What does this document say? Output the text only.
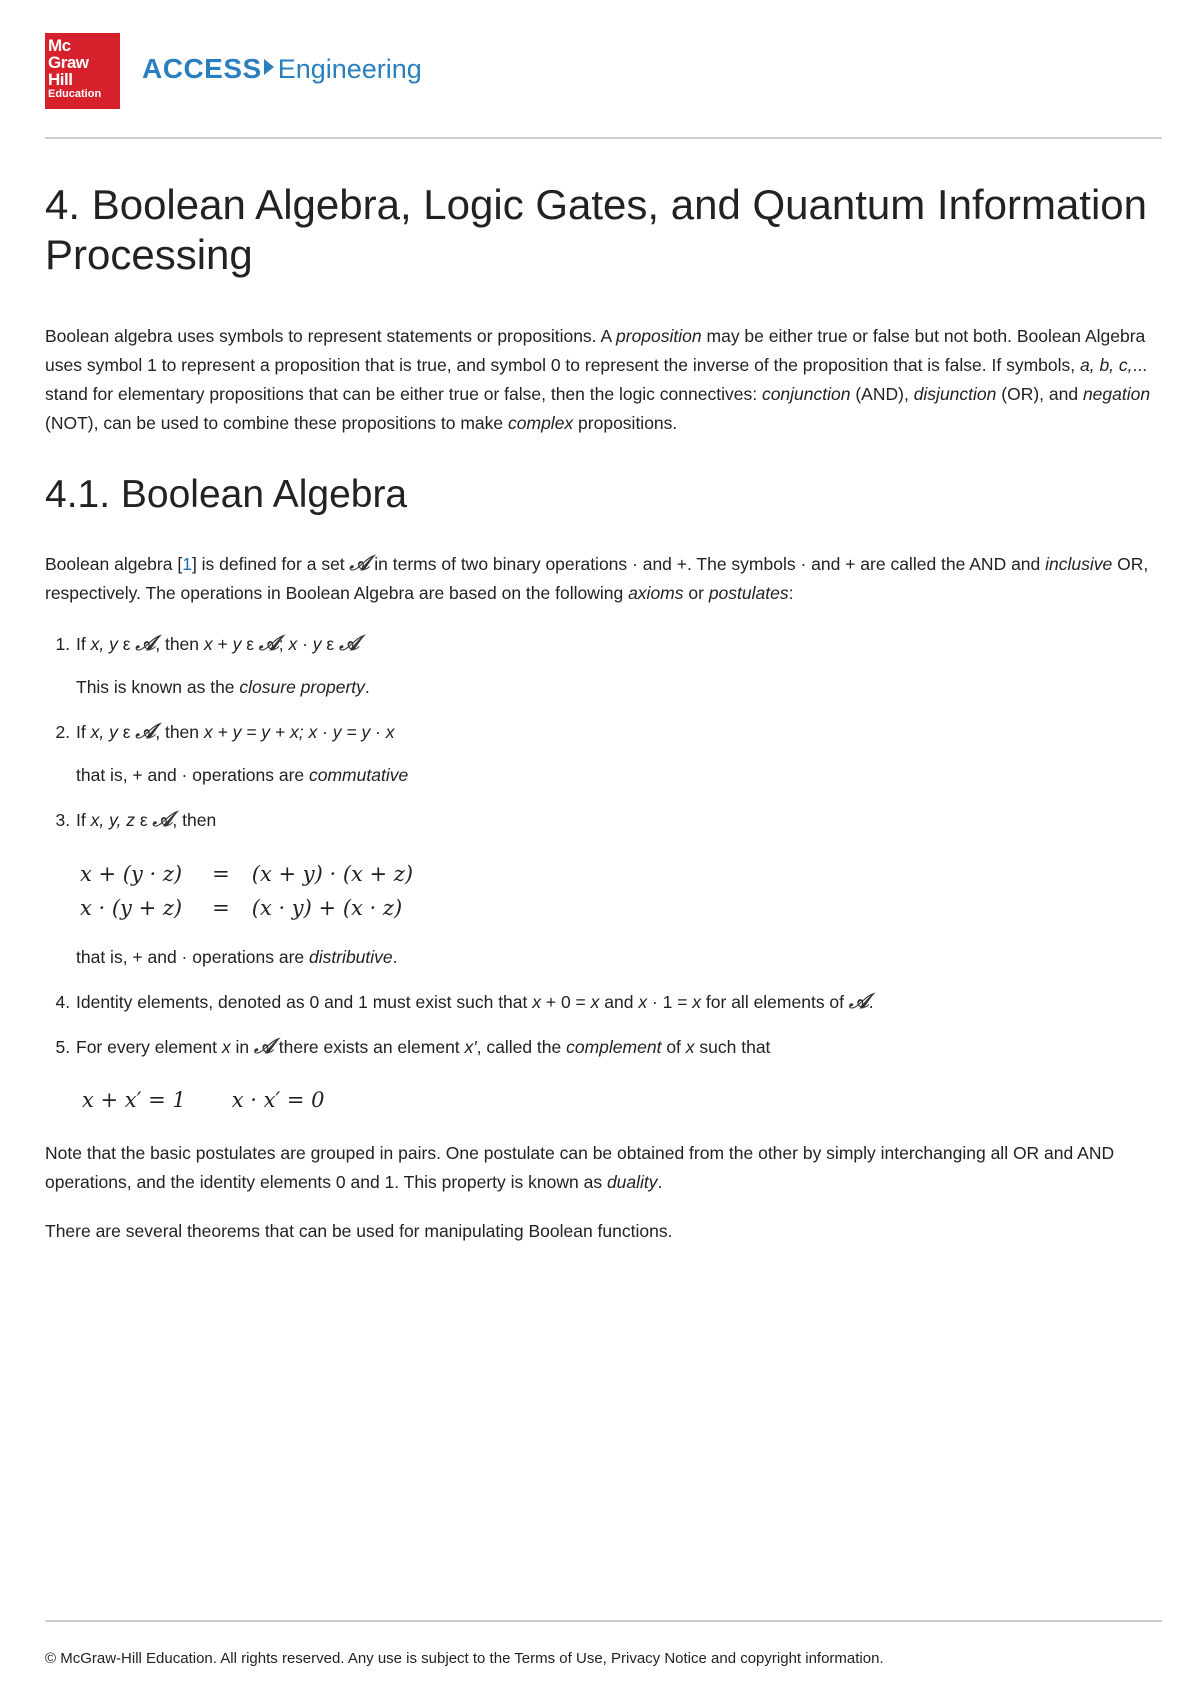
Mc
Graw
Hill
Education
ACCESS Engineering
4. Boolean Algebra, Logic Gates, and Quantum Information Processing

Boolean algebra uses symbols to represent statements or propositions. A proposition may be either true or false but not both. Boolean Algebra uses symbol 1 to represent a proposition that is true, and symbol 0 to represent the inverse of the proposition that is false. If symbols, a, b, c,... stand for elementary propositions that can be either true or false, then the logic connectives: conjunction (AND), disjunction (OR), and negation (NOT), can be used to combine these propositions to make complex propositions.

4.1. Boolean Algebra

Boolean algebra [1] is defined for a set 𝒜 in terms of two binary operations · and +. The symbols · and + are called the AND and inclusive OR, respectively. The operations in Boolean Algebra are based on the following axioms or postulates:

1. If x, y ε 𝒜, then x + y ε 𝒜; x · y ε 𝒜
This is known as the closure property.
2. If x, y ε 𝒜, then x + y = y + x; x · y = y · x
that is, + and · operations are commutative
3. If x, y, z ε 𝒜, then
x + (y · z)	=	(x + y) · (x + z)
x · (y + z)	=	(x · y) + (x · z)
that is, + and · operations are distributive.
4. Identity elements, denoted as 0 and 1 must exist such that x + 0 = x and x · 1 = x for all elements of 𝒜.
5. For every element x in 𝒜 there exists an element x', called the complement of x such that
x + x′ = 1 x · x′ = 0

Note that the basic postulates are grouped in pairs. One postulate can be obtained from the other by simply interchanging all OR and AND operations, and the identity elements 0 and 1. This property is known as duality.

There are several theorems that can be used for manipulating Boolean functions.

© McGraw-Hill Education. All rights reserved. Any use is subject to the Terms of Use, Privacy Notice and copyright information.
